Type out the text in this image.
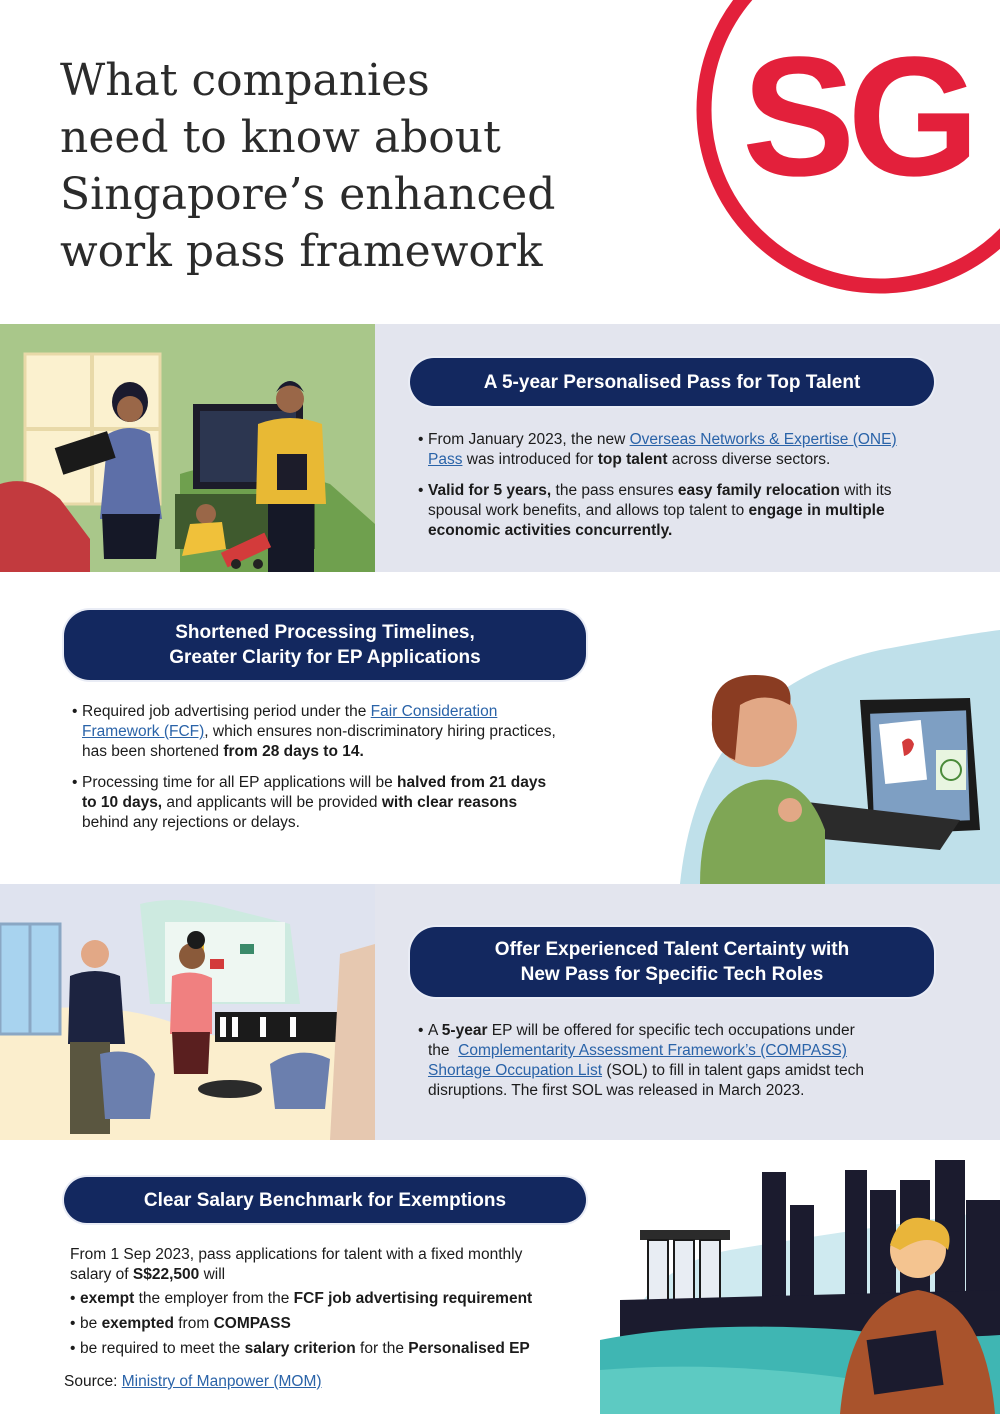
What companies
need to know about
Singapore’s enhanced
work pass framework
SG
A 5-year Personalised Pass for Top Talent
• From January 2023, the new Overseas Networks & Expertise (ONE)
Pass was introduced for top talent across diverse sectors.
• Valid for 5 years, the pass ensures easy family relocation with its
spousal work benefits, and allows top talent to engage in multiple
economic activities concurrently.
Shortened Processing Timelines,
Greater Clarity for EP Applications
• Required job advertising period under the Fair Consideration
Framework (FCF), which ensures non-discriminatory hiring practices,
has been shortened from 28 days to 14.
• Processing time for all EP applications will be halved from 21 days
to 10 days, and applicants will be provided with clear reasons
behind any rejections or delays.
Offer Experienced Talent Certainty with
New Pass for Specific Tech Roles
• A 5-year EP will be offered for specific tech occupations under
the  Complementarity Assessment Framework’s (COMPASS)
Shortage Occupation List (SOL) to fill in talent gaps amidst tech
disruptions. The first SOL was released in March 2023.
Clear Salary Benchmark for Exemptions
From 1 Sep 2023, pass applications for talent with a fixed monthly
salary of S$22,500 will
• exempt the employer from the FCF job advertising requirement
• be exempted from COMPASS
• be required to meet the salary criterion for the Personalised EP
Source: Ministry of Manpower (MOM)
